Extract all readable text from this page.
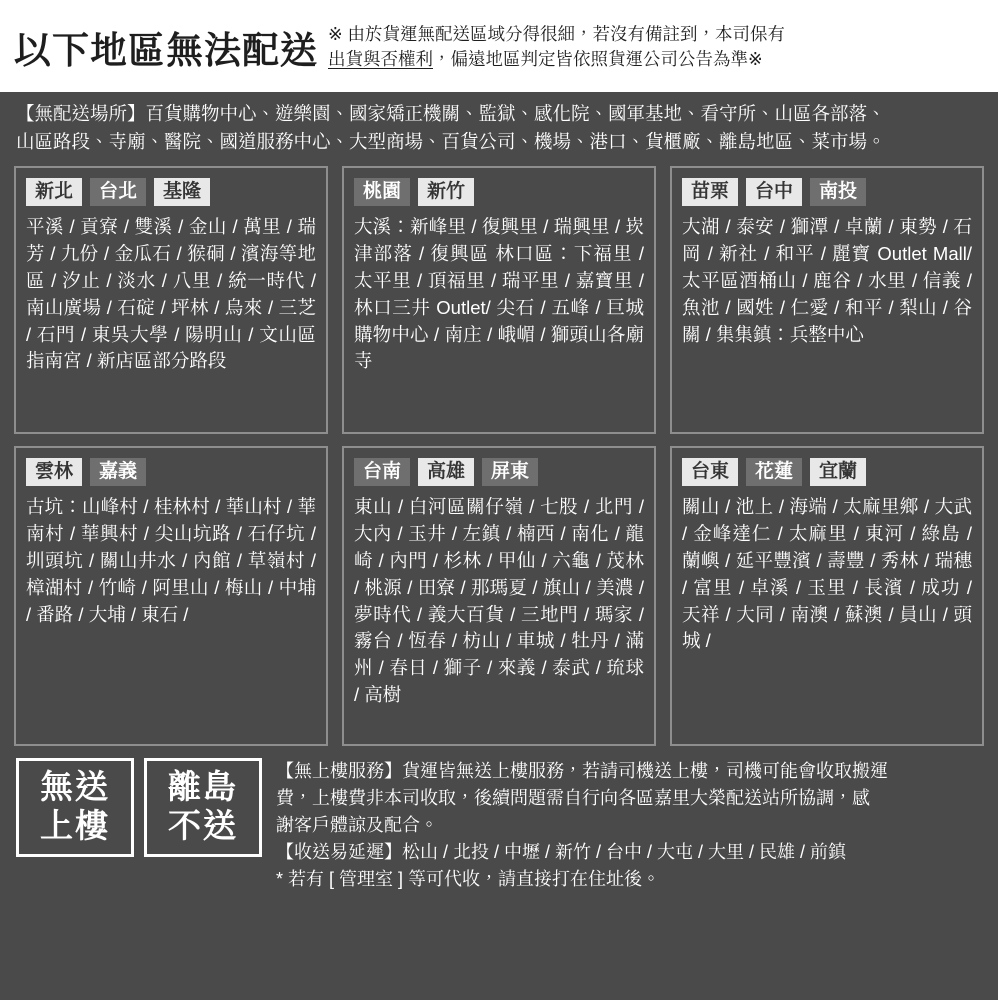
以下地區無法配送 ※ 由於貨運無配送區域分得很細，若沒有備註到，本司保有
出貨與否權利，偏遠地區判定皆依照貨運公司公告為準※
【無配送場所】百貨購物中心、遊樂園、國家矯正機關、監獄、感化院、國軍基地、看守所、山區各部落、
山區路段、寺廟、醫院、國道服務中心、大型商場、百貨公司、機場、港口、貨櫃廠、離島地區、菜市場。
新北	台北	基隆
平溪 / 貢寮 / 雙溪 / 金山 / 萬里 / 瑞芳 / 九份 / 金瓜石 / 猴硐 / 濱海等地區 / 汐止 / 淡水 / 八里 / 統一時代 / 南山廣場 / 石碇 / 坪林 / 烏來 / 三芝 / 石門 / 東吳大學 / 陽明山 / 文山區指南宮 / 新店區部分路段
桃園	新竹
大溪：新峰里 / 復興里 / 瑞興里 / 崁津部落 / 復興區 林口區：下福里 / 太平里 / 頂福里 / 瑞平里 / 嘉寶里 / 林口三井 Outlet/ 尖石 / 五峰 / 巨城購物中心 / 南庄 / 峨嵋 / 獅頭山各廟寺
苗栗	台中	南投
大湖 / 泰安 / 獅潭 / 卓蘭 / 東勢 / 石岡 / 新社 / 和平 / 麗寶 Outlet Mall/ 太平區酒桶山 / 鹿谷 / 水里 / 信義 / 魚池 / 國姓 / 仁愛 / 和平 / 梨山 / 谷關 / 集集鎮：兵整中心
雲林	嘉義
古坑：山峰村 / 桂林村 / 華山村 / 華南村 / 華興村 / 尖山坑路 / 石仔坑 / 圳頭坑 / 關山井水 / 內館 / 草嶺村 / 樟湖村 / 竹崎 / 阿里山 / 梅山 / 中埔 / 番路 / 大埔 / 東石 /
台南	高雄	屏東
東山 / 白河區關仔嶺 / 七股 / 北門 / 大內 / 玉井 / 左鎮 / 楠西 / 南化 / 龍崎 / 內門 / 杉林 / 甲仙 / 六龜 / 茂林 / 桃源 / 田寮 / 那瑪夏 / 旗山 / 美濃 / 夢時代 / 義大百貨 / 三地門 / 瑪家 / 霧台 / 恆春 / 枋山 / 車城 / 牡丹 / 滿州 / 春日 / 獅子 / 來義 / 泰武 / 琉球 / 高樹
台東	花蓮	宜蘭
關山 / 池上 / 海端 / 太麻里鄉 / 大武 / 金峰達仁 / 太麻里 / 東河 / 綠島 / 蘭嶼 / 延平豐濱 / 壽豐 / 秀林 / 瑞穗 / 富里 / 卓溪 / 玉里 / 長濱 / 成功 / 天祥 / 大同 / 南澳 / 蘇澳 / 員山 / 頭城 /
無送
上樓
離島
不送

【無上樓服務】貨運皆無送上樓服務，若請司機送上樓，司機可能會收取搬運

費，上樓費非本司收取，後續問題需自行向各區嘉里大榮配送站所協調，感

謝客戶體諒及配合。

【收送易延遲】松山 / 北投 / 中壢 / 新竹 / 台中 / 大屯 / 大里 / 民雄 / 前鎮

* 若有 [ 管理室 ] 等可代收，請直接打在住址後。
